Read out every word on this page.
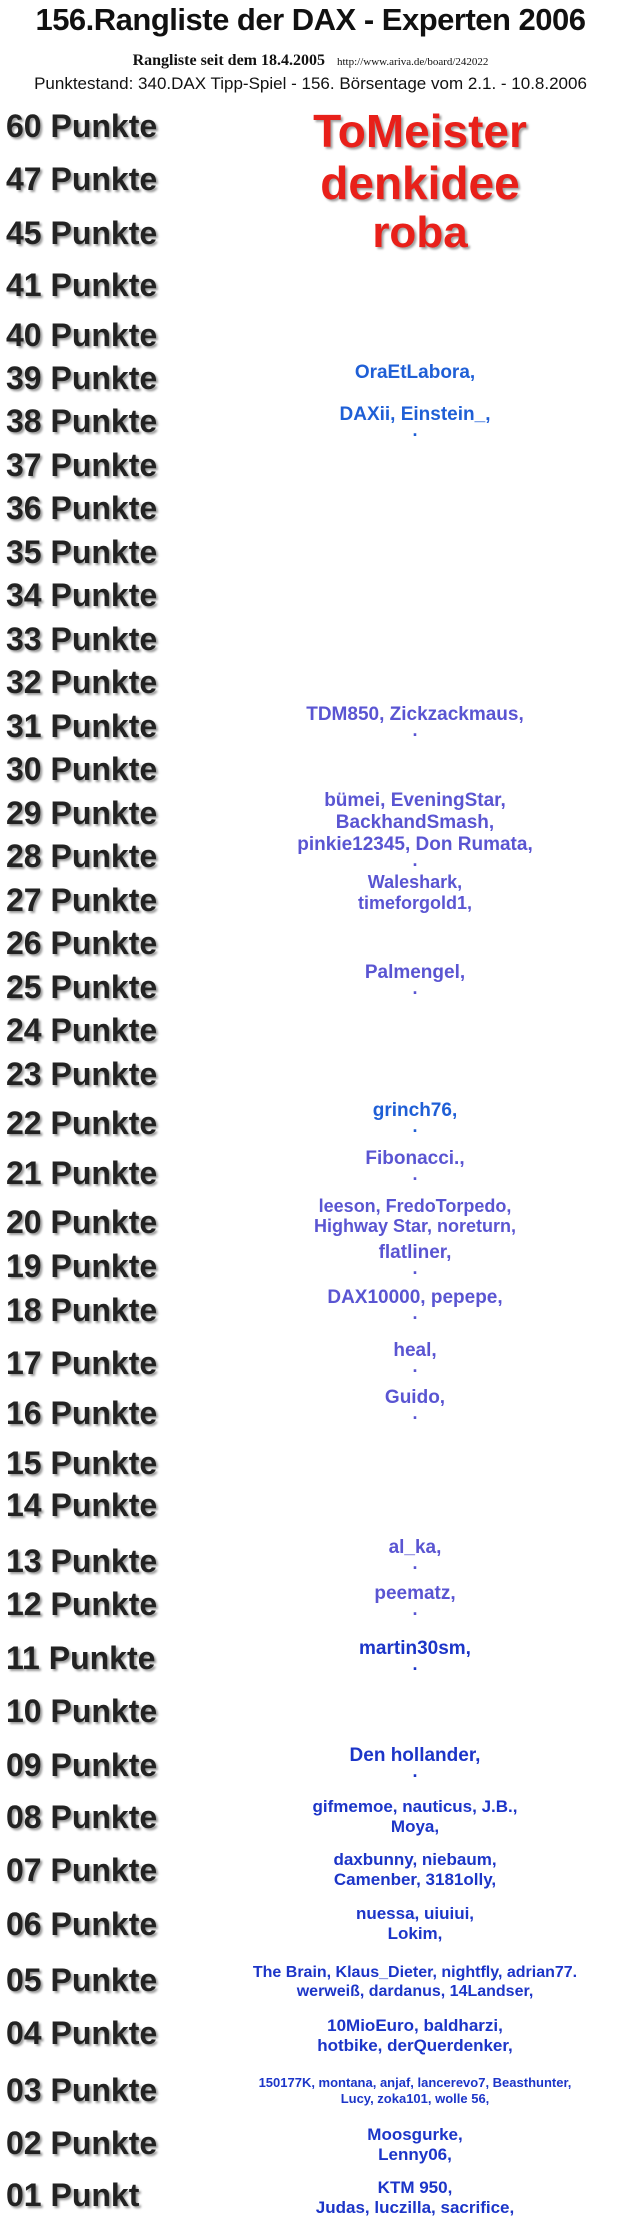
156.Rangliste der DAX - Experten 2006
Rangliste seit dem 18.4.2005 http://www.ariva.de/board/242022
Punktestand: 340.DAX Tipp-Spiel - 156. Börsentage vom 2.1. - 10.8.2006
60 Punkte
47 Punkte
45 Punkte
41 Punkte
40 Punkte
39 Punkte
38 Punkte
37 Punkte
36 Punkte
35 Punkte
34 Punkte
33 Punkte
32 Punkte
31 Punkte
30 Punkte
29 Punkte
28 Punkte
27 Punkte
26 Punkte
25 Punkte
24 Punkte
23 Punkte
22 Punkte
21 Punkte
20 Punkte
19 Punkte
18 Punkte
17 Punkte
16 Punkte
15 Punkte
14 Punkte
13 Punkte
12 Punkte
11 Punkte
10 Punkte
09 Punkte
08 Punkte
07 Punkte
06 Punkte
05 Punkte
04 Punkte
03 Punkte
02 Punkte
01 Punkt
ToMeister
denkidee
roba
OraEtLabora,
DAXii, Einstein_,
.
TDM850, Zickzackmaus,
.
bümei, EveningStar,
BackhandSmash,
pinkie12345, Don Rumata,
.
Waleshark,
timeforgold1,
Palmengel,
.
grinch76,
.
Fibonacci.,
.
leeson, FredoTorpedo,
Highway Star, noreturn,
flatliner,
.
DAX10000, pepepe,
.
heal,
.
Guido,
.
al_ka,
.
peematz,
.
martin30sm,
.
Den hollander,
.
gifmemoe, nauticus, J.B.,
Moya,
daxbunny, niebaum,
Camenber, 3181olly,
nuessa, uiuiui,
Lokim,
The Brain, Klaus_Dieter, nightfly, adrian77.
werweiß, dardanus, 14Landser,
10MioEuro, baldharzi,
hotbike, derQuerdenker,
150177K, montana, anjaf, lancerevo7, Beasthunter,
Lucy, zoka101, wolle 56,
Moosgurke,
Lenny06,
KTM 950,
Judas, luczilla, sacrifice,
